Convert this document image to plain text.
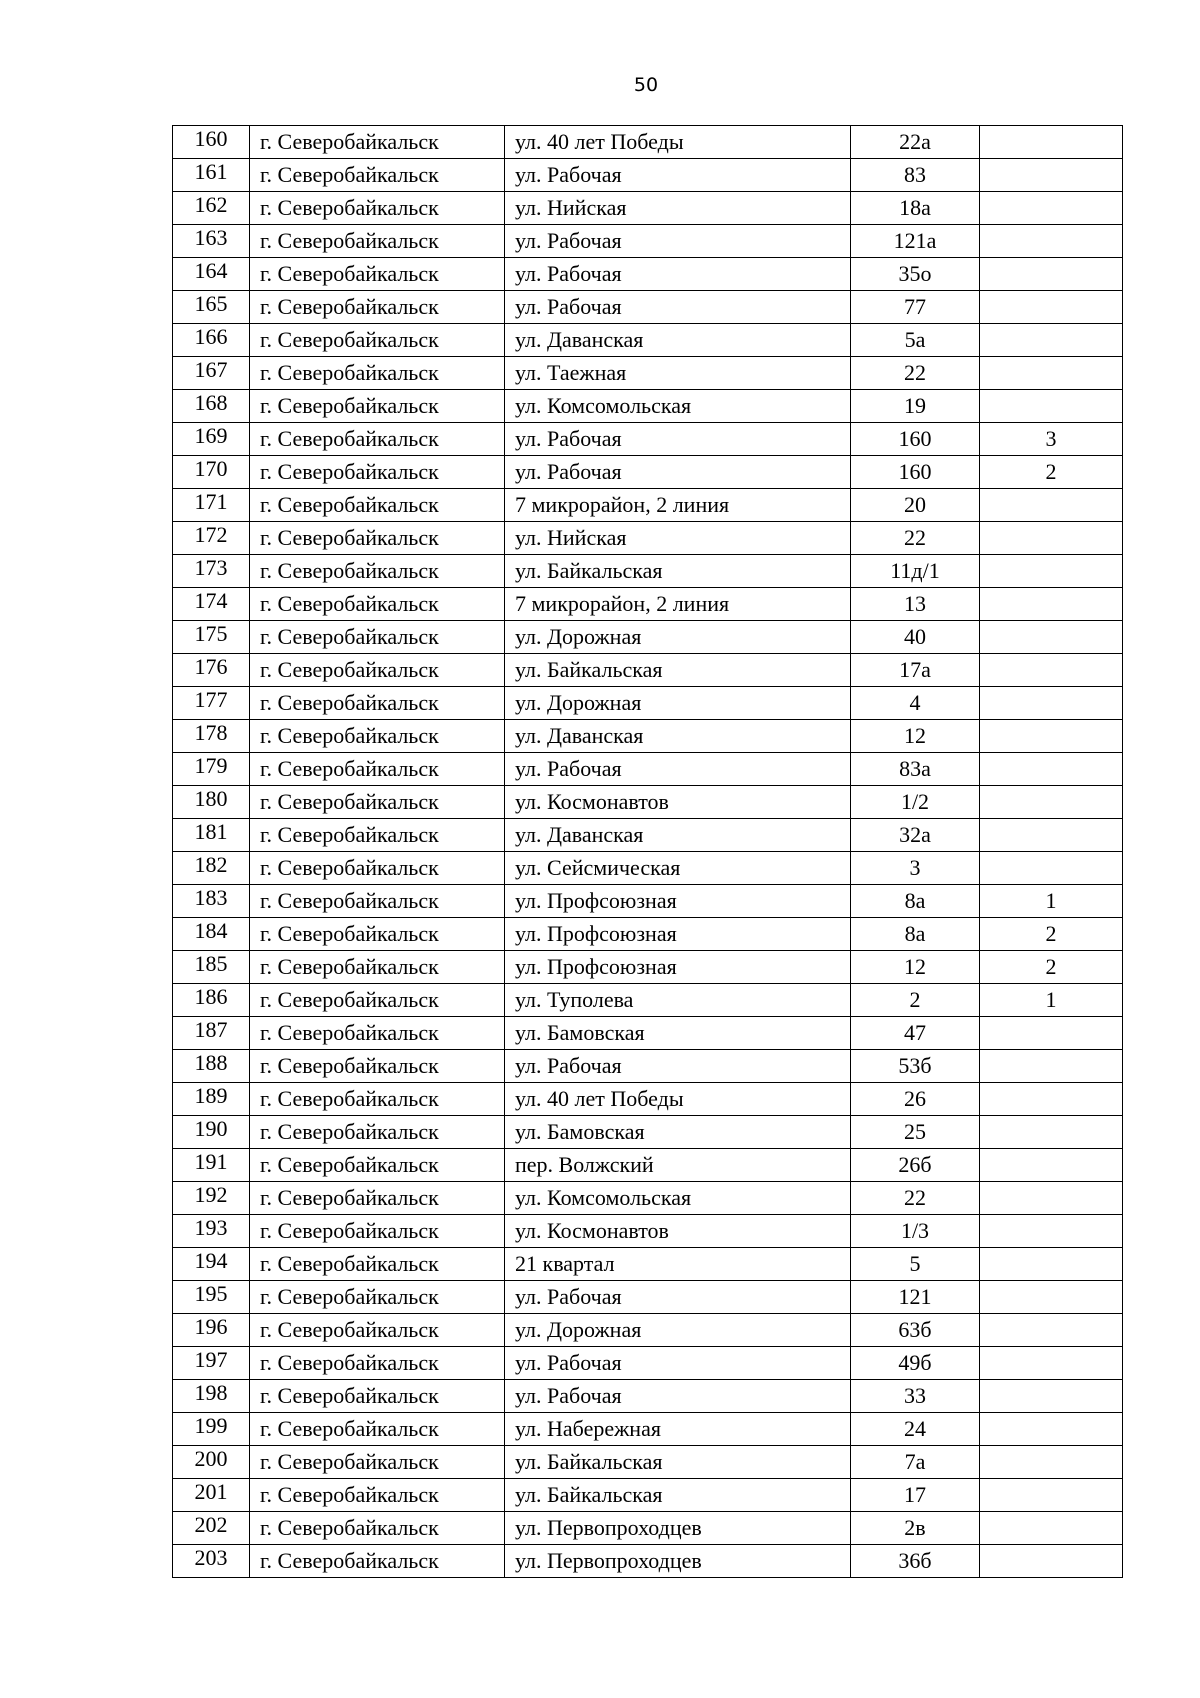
50
160	г. Северобайкальск	ул. 40 лет Победы	22а	
161	г. Северобайкальск	ул. Рабочая	83	
162	г. Северобайкальск	ул. Нийская	18а	
163	г. Северобайкальск	ул. Рабочая	121а	
164	г. Северобайкальск	ул. Рабочая	35о	
165	г. Северобайкальск	ул. Рабочая	77	
166	г. Северобайкальск	ул. Даванская	5а	
167	г. Северобайкальск	ул. Таежная	22	
168	г. Северобайкальск	ул. Комсомольская	19	
169	г. Северобайкальск	ул. Рабочая	160	3
170	г. Северобайкальск	ул. Рабочая	160	2
171	г. Северобайкальск	7 микрорайон, 2 линия	20	
172	г. Северобайкальск	ул. Нийская	22	
173	г. Северобайкальск	ул. Байкальская	11д/1	
174	г. Северобайкальск	7 микрорайон, 2 линия	13	
175	г. Северобайкальск	ул. Дорожная	40	
176	г. Северобайкальск	ул. Байкальская	17а	
177	г. Северобайкальск	ул. Дорожная	4	
178	г. Северобайкальск	ул. Даванская	12	
179	г. Северобайкальск	ул. Рабочая	83а	
180	г. Северобайкальск	ул. Космонавтов	1/2	
181	г. Северобайкальск	ул. Даванская	32а	
182	г. Северобайкальск	ул. Сейсмическая	3	
183	г. Северобайкальск	ул. Профсоюзная	8а	1
184	г. Северобайкальск	ул. Профсоюзная	8а	2
185	г. Северобайкальск	ул. Профсоюзная	12	2
186	г. Северобайкальск	ул. Туполева	2	1
187	г. Северобайкальск	ул. Бамовская	47	
188	г. Северобайкальск	ул. Рабочая	53б	
189	г. Северобайкальск	ул. 40 лет Победы	26	
190	г. Северобайкальск	ул. Бамовская	25	
191	г. Северобайкальск	пер. Волжский	26б	
192	г. Северобайкальск	ул. Комсомольская	22	
193	г. Северобайкальск	ул. Космонавтов	1/3	
194	г. Северобайкальск	21 квартал	5	
195	г. Северобайкальск	ул. Рабочая	121	
196	г. Северобайкальск	ул. Дорожная	63б	
197	г. Северобайкальск	ул. Рабочая	49б	
198	г. Северобайкальск	ул. Рабочая	33	
199	г. Северобайкальск	ул. Набережная	24	
200	г. Северобайкальск	ул. Байкальская	7а	
201	г. Северобайкальск	ул. Байкальская	17	
202	г. Северобайкальск	ул. Первопроходцев	2в	
203	г. Северобайкальск	ул. Первопроходцев	36б	
